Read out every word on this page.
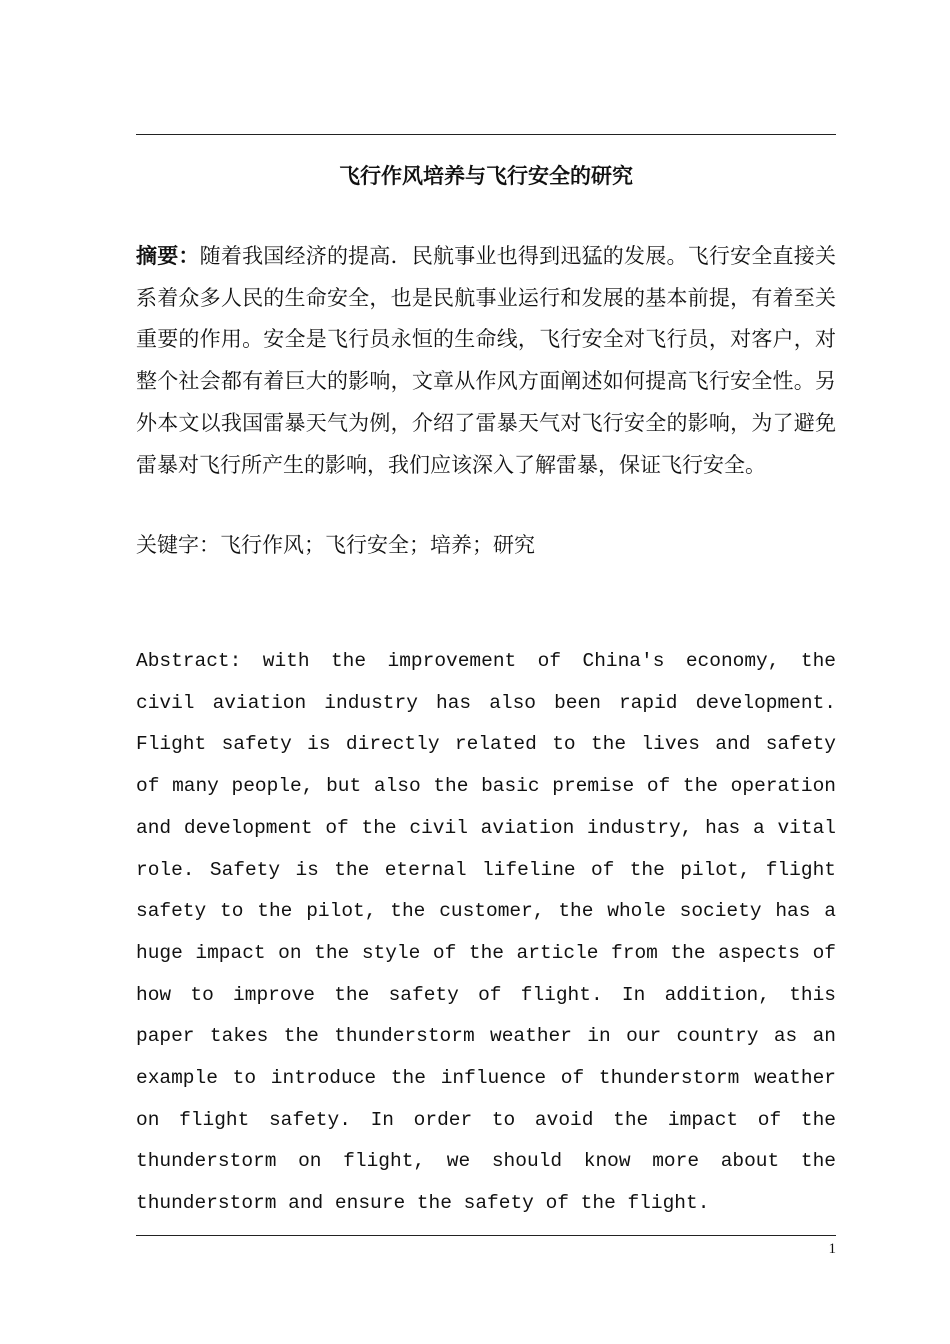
飞行作风培养与飞行安全的研究

摘要：随着我国经济的提高．民航事业也得到迅猛的发展。飞行安全直接关系着众多人民的生命安全，也是民航事业运行和发展的基本前提，有着至关重要的作用。安全是飞行员永恒的生命线，飞行安全对飞行员，对客户，对整个社会都有着巨大的影响，文章从作风方面阐述如何提高飞行安全性。另外本文以我国雷暴天气为例，介绍了雷暴天气对飞行安全的影响，为了避免雷暴对飞行所产生的影响，我们应该深入了解雷暴，保证飞行安全。

关键字：飞行作风；飞行安全；培养；研究

Abstract: with the improvement of China′s economy, the civil aviation industry has also been rapid development. Flight safety is directly related to the lives and safety of many people, but also the basic premise of the operation and development of the civil aviation industry, has a vital role. Safety is the eternal lifeline of the pilot, flight safety to the pilot, the customer, the whole society has a huge impact on the style of the article from the aspects of how to improve the safety of flight. In addition, this paper takes the thunderstorm weather in our country as an example to introduce the influence of thunderstorm weather on flight safety. In order to avoid the impact of the thunderstorm on flight, we should know more about the thunderstorm and ensure the safety of the flight.

1
